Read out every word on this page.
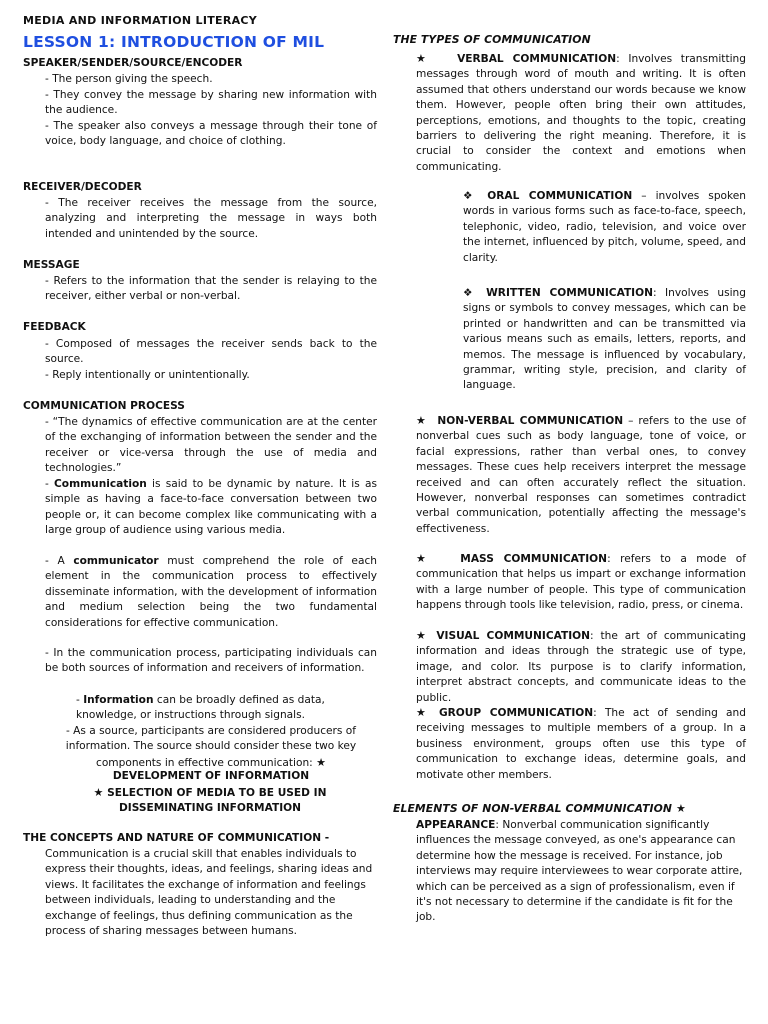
MEDIA AND INFORMATION LITERACY
LESSON 1: INTRODUCTION OF MIL
SPEAKER/SENDER/SOURCE/ENCODER
- The person giving the speech.
- They convey the message by sharing new information with the audience.
- The speaker also conveys a message through their tone of voice, body language, and choice of clothing.
RECEIVER/DECODER
- The receiver receives the message from the source, analyzing and interpreting the message in ways both intended and unintended by the source.
MESSAGE
- Refers to the information that the sender is relaying to the receiver, either verbal or non-verbal.
FEEDBACK
- Composed of messages the receiver sends back to the source.
- Reply intentionally or unintentionally.
COMMUNICATION PROCESS
- “The dynamics of effective communication are at the center of the exchanging of information between the sender and the receiver or vice-versa through the use of media and technologies.”
- Communication is said to be dynamic by nature. It is as simple as having a face-to-face conversation between two people or, it can become complex like communicating with a large group of audience using various media.
- A communicator must comprehend the role of each element in the communication process to effectively disseminate information, with the development of information and medium selection being the two fundamental considerations for effective communication.
- In the communication process, participating individuals can be both sources of information and receivers of information.
- Information can be broadly defined as data, knowledge, or instructions through signals.
- As a source, participants are considered producers of information. The source should consider these two key components in effective communication: ★
DEVELOPMENT OF INFORMATION
★ SELECTION OF MEDIA TO BE USED IN DISSEMINATING INFORMATION
THE CONCEPTS AND NATURE OF COMMUNICATION -
Communication is a crucial skill that enables individuals to express their thoughts, ideas, and feelings, sharing ideas and views. It facilitates the exchange of information and feelings between individuals, leading to understanding and the exchange of feelings, thus defining communication as the process of sharing messages between humans.
THE TYPES OF COMMUNICATION
★ VERBAL COMMUNICATION: Involves transmitting messages through word of mouth and writing. It is often assumed that others understand our words because we know them. However, people often bring their own attitudes, perceptions, emotions, and thoughts to the topic, creating barriers to delivering the right meaning. Therefore, it is crucial to consider the context and emotions when communicating.
❖ ORAL COMMUNICATION – involves spoken words in various forms such as face-to-face, speech, telephonic, video, radio, television, and voice over the internet, influenced by pitch, volume, speed, and clarity.
❖ WRITTEN COMMUNICATION: Involves using signs or symbols to convey messages, which can be printed or handwritten and can be transmitted via various means such as emails, letters, reports, and memos. The message is influenced by vocabulary, grammar, writing style, precision, and clarity of language.
★ NON-VERBAL COMMUNICATION – refers to the use of nonverbal cues such as body language, tone of voice, or facial expressions, rather than verbal ones, to convey messages. These cues help receivers interpret the message received and can often accurately reflect the situation. However, nonverbal responses can sometimes contradict verbal communication, potentially affecting the message's effectiveness.
★	MASS COMMUNICATION: refers to a mode of communication that helps us impart or exchange information with a large number of people. This type of communication happens through tools like television, radio, press, or cinema.
★ VISUAL COMMUNICATION: the art of communicating information and ideas through the strategic use of type, image, and color. Its purpose is to clarify information, interpret abstract concepts, and communicate ideas to the public.
★ GROUP COMMUNICATION: The act of sending and receiving messages to multiple members of a group. In a business environment, groups often use this type of communication to exchange ideas, determine goals, and motivate other members.
ELEMENTS OF NON-VERBAL COMMUNICATION ★
APPEARANCE: Nonverbal communication significantly influences the message conveyed, as one's appearance can determine how the message is received. For instance, job interviews may require interviewees to wear corporate attire, which can be perceived as a sign of professionalism, even if it's not necessary to determine if the candidate is fit for the job.
